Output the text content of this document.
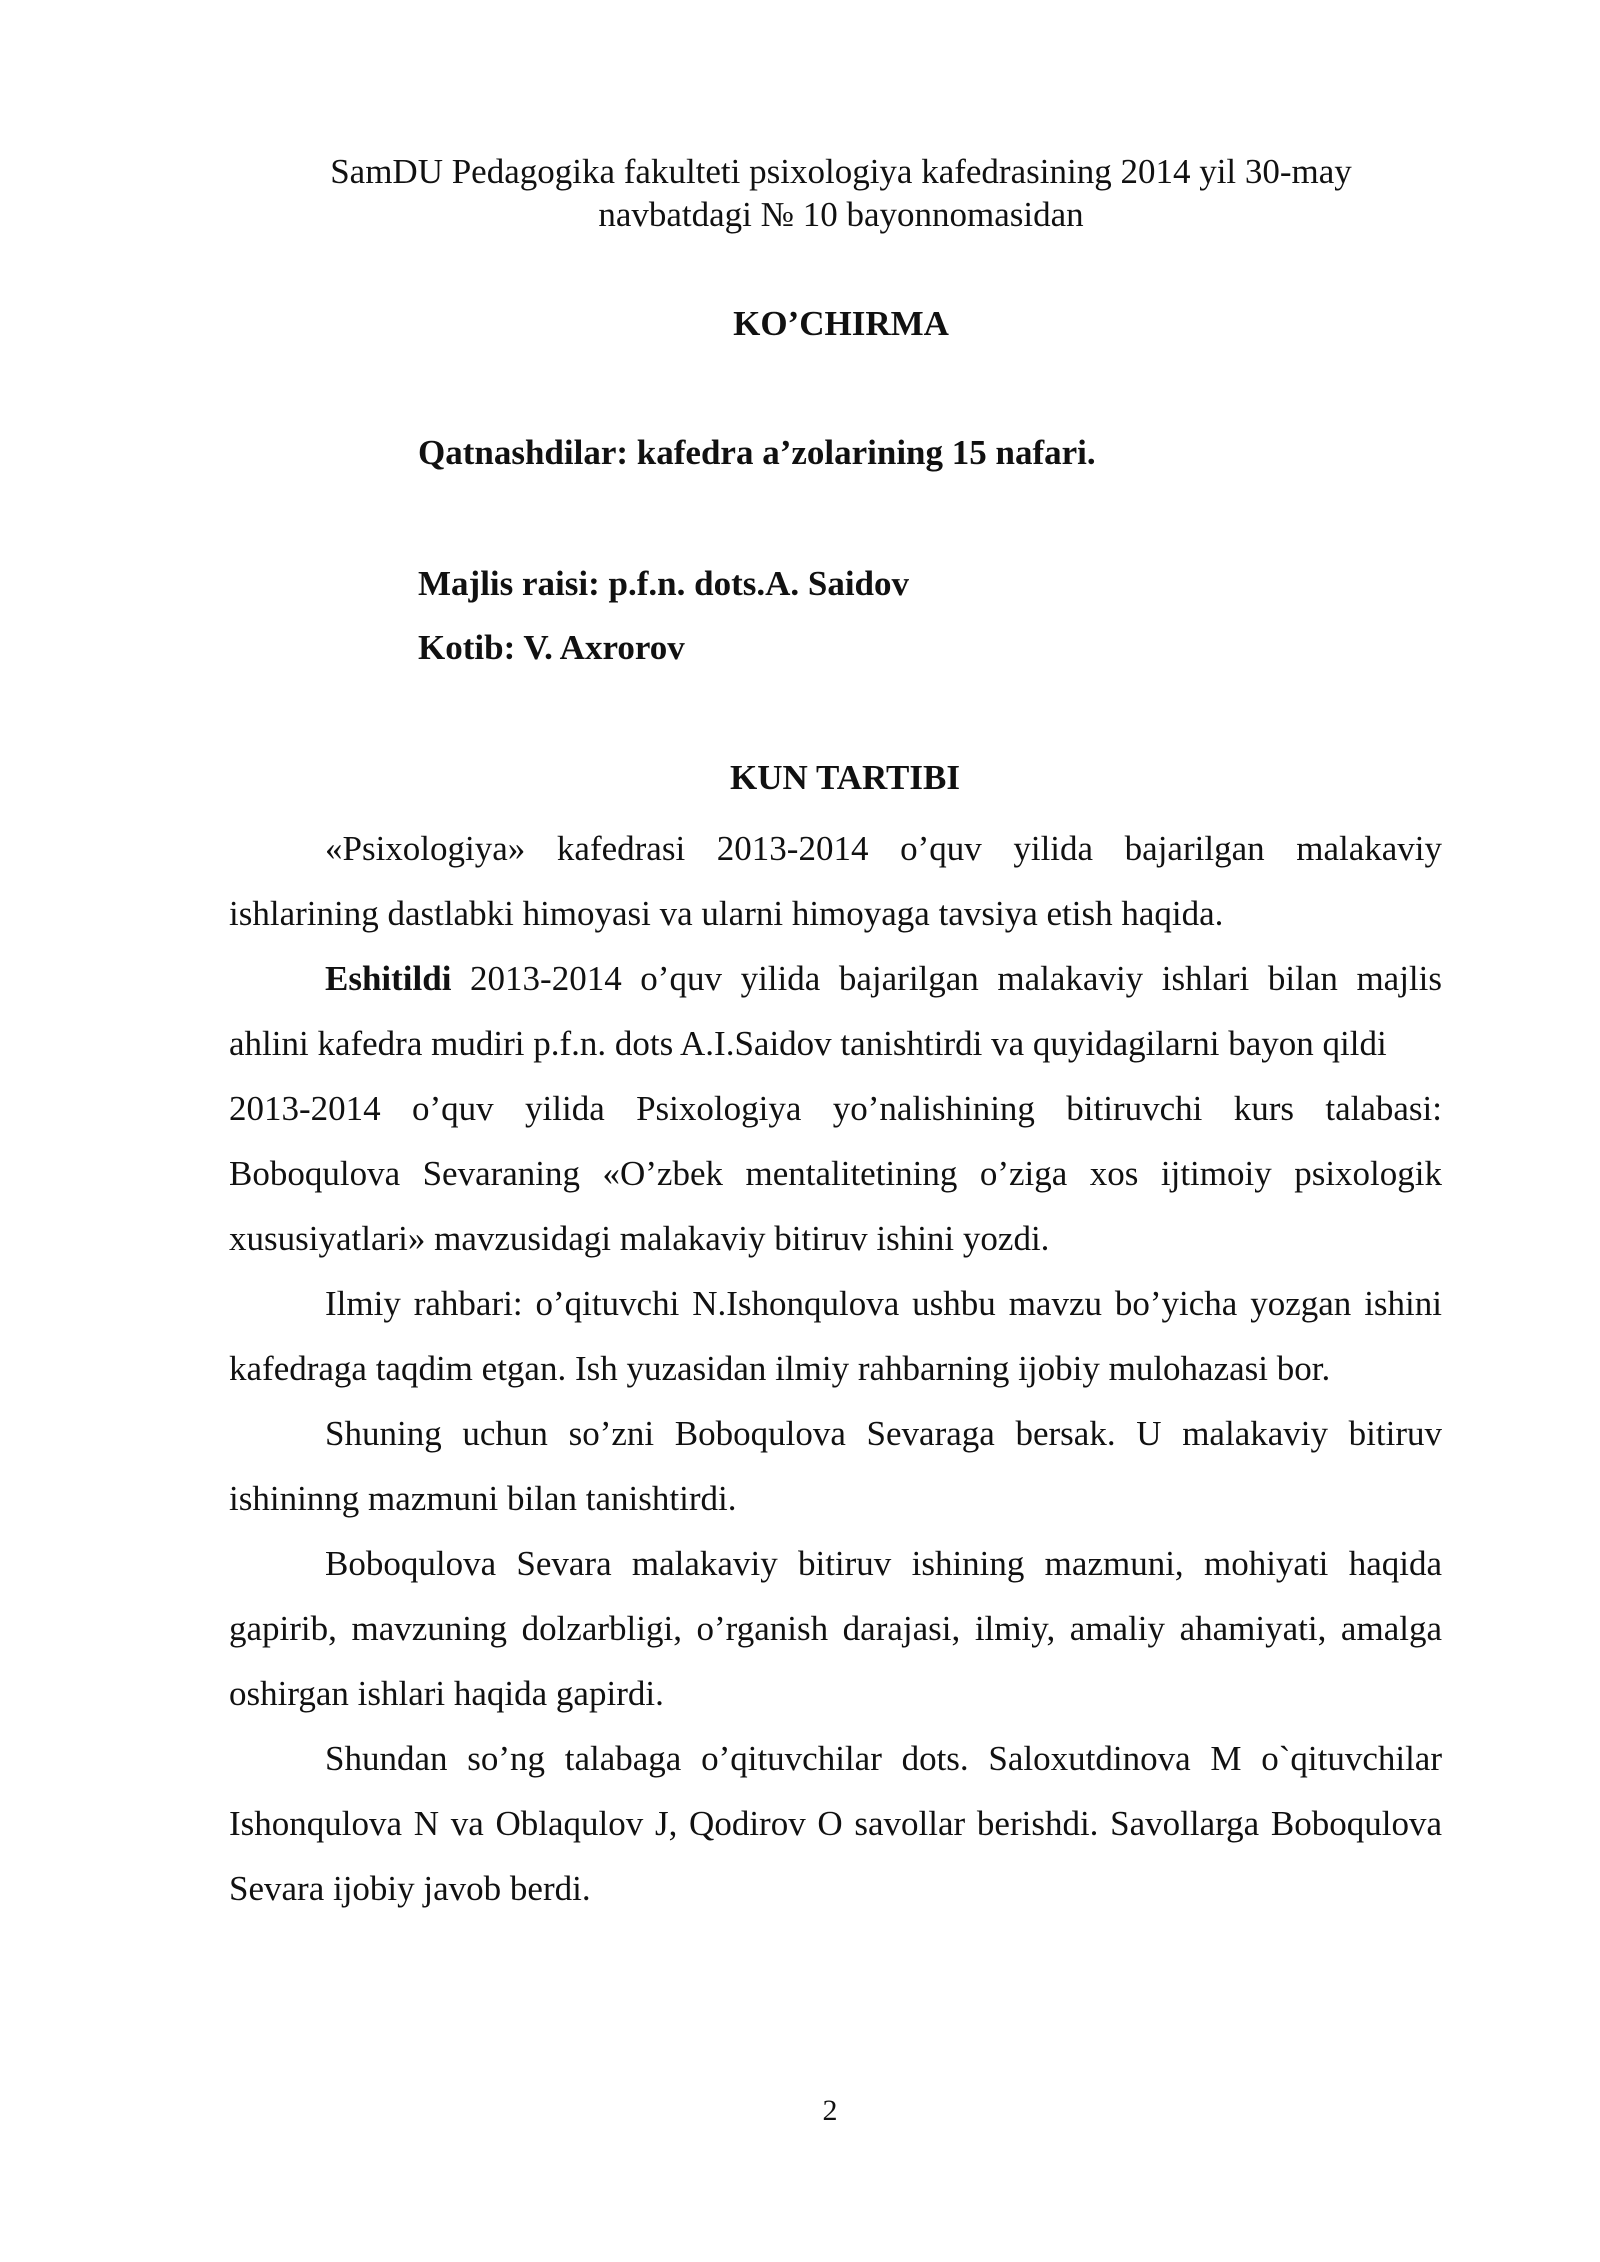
SamDU Pedagogika fakulteti psixologiya kafedrasining 2014 yil 30-may
navbatdagi № 10 bayonnomasidan
KO’CHIRMA
Qatnashdilar: kafedra a’zolarining 15 nafari.
Majlis raisi: p.f.n. dots.A. Saidov
Kotib: V. Axrorov
KUN TARTIBI

«Psixologiya» kafedrasi 2013-2014 o’quv yilida bajarilgan malakaviy ishlarining dastlabki himoyasi va ularni himoyaga tavsiya etish haqida.

Eshitildi 2013-2014 o’quv yilida bajarilgan malakaviy ishlari bilan majlis ahlini kafedra mudiri p.f.n. dots A.I.Saidov tanishtirdi va quyidagilarni bayon qildi

2013-2014 o’quv yilida Psixologiya yo’nalishining bitiruvchi kurs talabasi: Boboqulova Sevaraning «O’zbek mentalitetining o’ziga xos ijtimoiy psixologik xususiyatlari» mavzusidagi malakaviy bitiruv ishini yozdi.

Ilmiy rahbari: o’qituvchi N.Ishonqulova ushbu mavzu bo’yicha yozgan ishini kafedraga taqdim etgan. Ish yuzasidan ilmiy rahbarning ijobiy mulohazasi bor.

Shuning uchun so’zni Boboqulova Sevaraga bersak. U malakaviy bitiruv ishininng mazmuni bilan tanishtirdi.

Boboqulova Sevara malakaviy bitiruv ishining mazmuni, mohiyati haqida gapirib, mavzuning dolzarbligi, o’rganish darajasi, ilmiy, amaliy ahamiyati, amalga oshirgan ishlari haqida gapirdi.

Shundan so’ng talabaga o’qituvchilar dots. Saloxutdinova M o`qituvchilar Ishonqulova N va Oblaqulov J, Qodirov O savollar berishdi. Savollarga Boboqulova Sevara ijobiy javob berdi.

2
